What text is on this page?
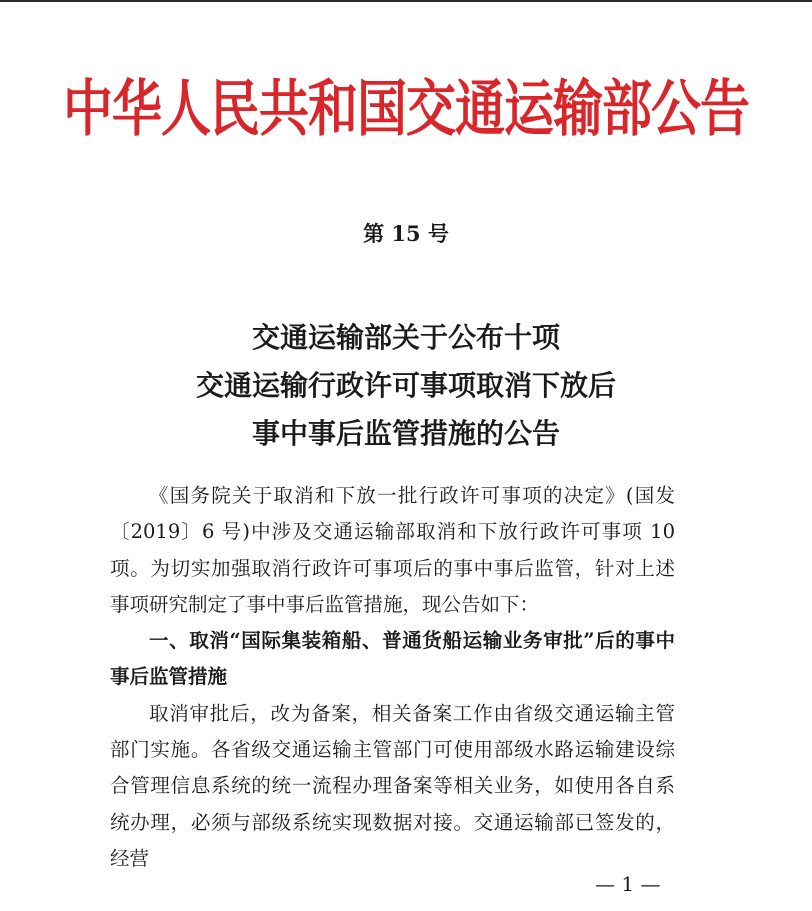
中华人民共和国交通运输部公告
第 15 号
交通运输部关于公布十项
交通运输行政许可事项取消下放后
事中事后监管措施的公告

《国务院关于取消和下放一批行政许可事项的决定》(国发〔2019〕6 号)中涉及交通运输部取消和下放行政许可事项 10 项。为切实加强取消行政许可事项后的事中事后监管，针对上述事项研究制定了事中事后监管措施，现公告如下：

一、取消“国际集装箱船、普通货船运输业务审批”后的事中事后监管措施

取消审批后，改为备案，相关备案工作由省级交通运输主管部门实施。各省级交通运输主管部门可使用部级水路运输建设综合管理信息系统的统一流程办理备案等相关业务，如使用各自系统办理，必须与部级系统实现数据对接。交通运输部已签发的，经营

— 1 —
